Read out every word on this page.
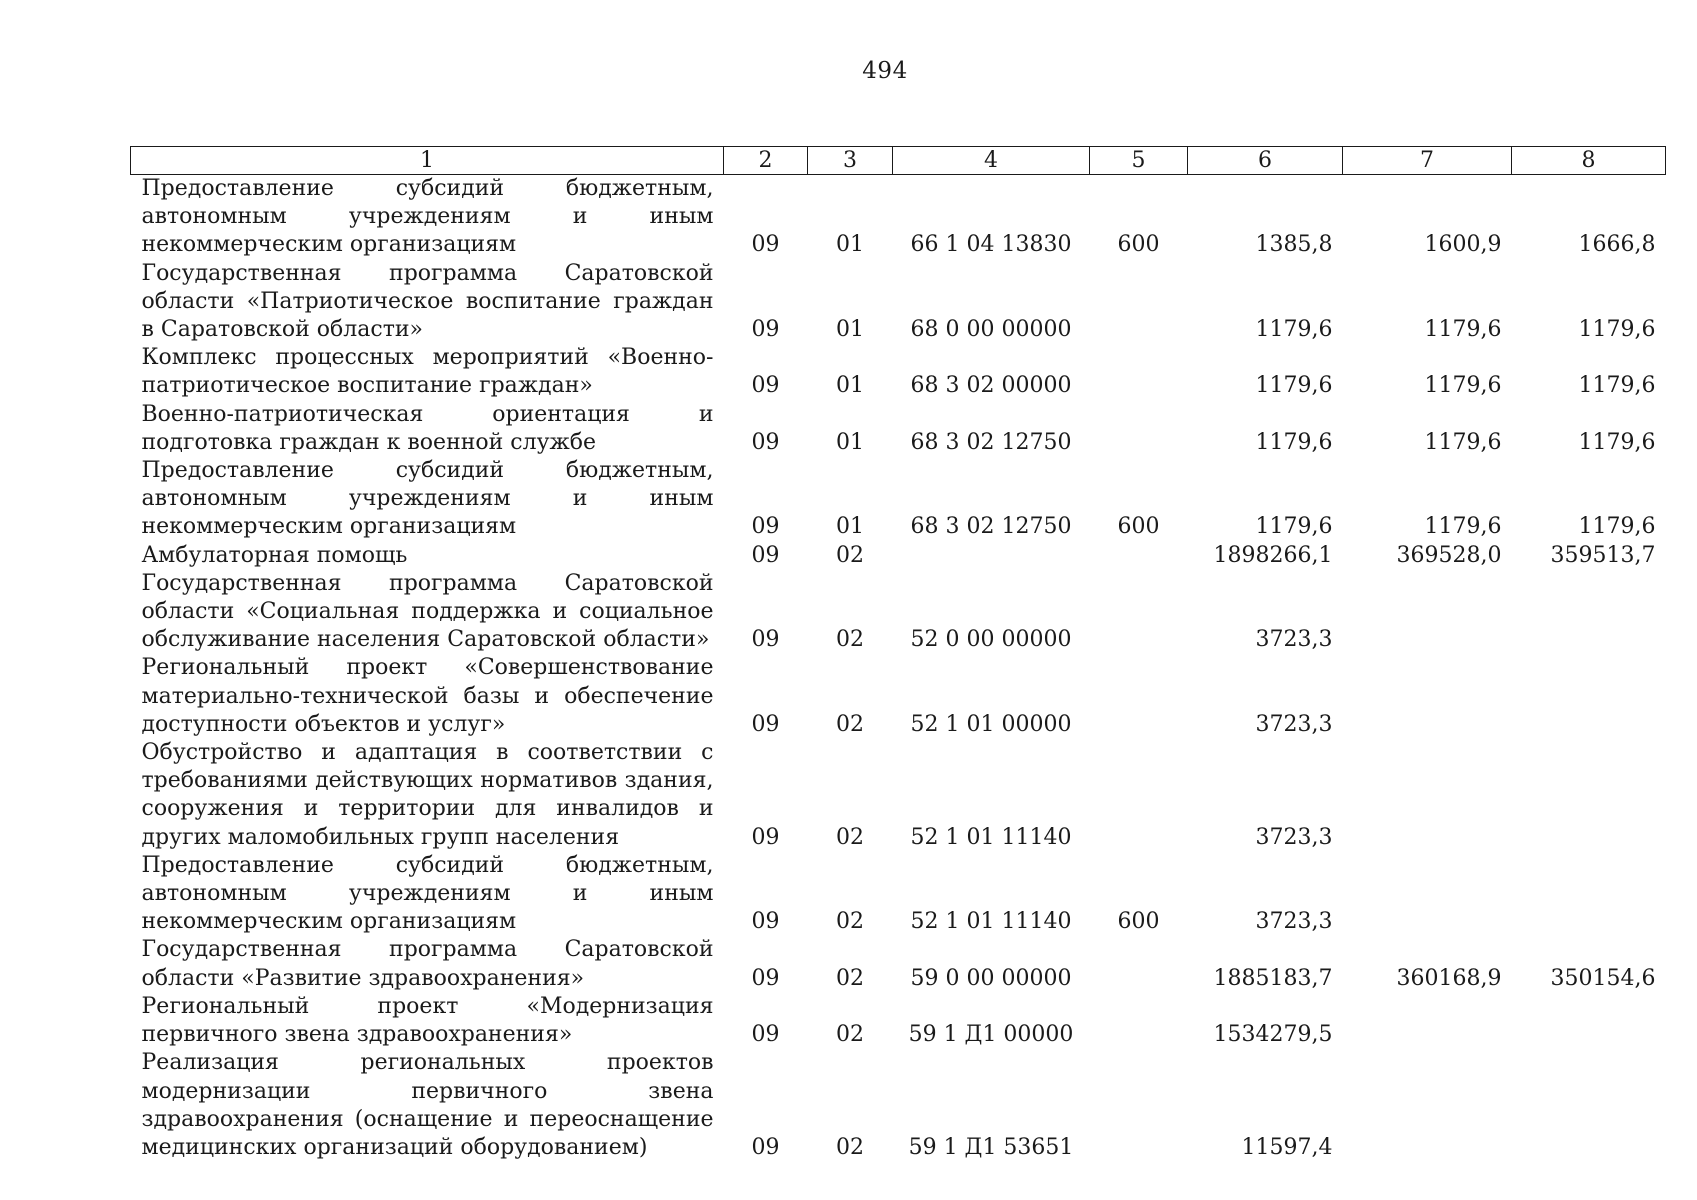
494
1	2	3	4	5	6	7	8
Предоставление субсидий бюджетным, автономным учреждениям и иным некоммерческим организациям	09	01	66 1 04 13830	600	1385,8	1600,9	1666,8
Государственная программа Саратовской области «Патриотическое воспитание граждан в Саратовской области»	09	01	68 0 00 00000		1179,6	1179,6	1179,6
Комплекс процессных мероприятий «Военно-патриотическое воспитание граждан»	09	01	68 3 02 00000		1179,6	1179,6	1179,6
Военно-патриотическая ориентация и подготовка граждан к военной службе	09	01	68 3 02 12750		1179,6	1179,6	1179,6
Предоставление субсидий бюджетным, автономным учреждениям и иным некоммерческим организациям	09	01	68 3 02 12750	600	1179,6	1179,6	1179,6
Амбулаторная помощь	09	02			1898266,1	369528,0	359513,7
Государственная программа Саратовской области «Социальная поддержка и социальное обслуживание населения Саратовской области»	09	02	52 0 00 00000		3723,3		
Региональный проект «Совершенствование материально-технической базы и обеспечение доступности объектов и услуг»	09	02	52 1 01 00000		3723,3		
Обустройство и адаптация в соответствии с требованиями действующих нормативов здания, сооружения и территории для инвалидов и других маломобильных групп населения	09	02	52 1 01 11140		3723,3		
Предоставление субсидий бюджетным, автономным учреждениям и иным некоммерческим организациям	09	02	52 1 01 11140	600	3723,3		
Государственная программа Саратовской области «Развитие здравоохранения»	09	02	59 0 00 00000		1885183,7	360168,9	350154,6
Региональный проект «Модернизация первичного звена здравоохранения»	09	02	59 1 Д1 00000		1534279,5		
Реализация региональных проектов модернизации первичного звена здравоохранения (оснащение и переоснащение медицинских организаций оборудованием)	09	02	59 1 Д1 53651		11597,4		
